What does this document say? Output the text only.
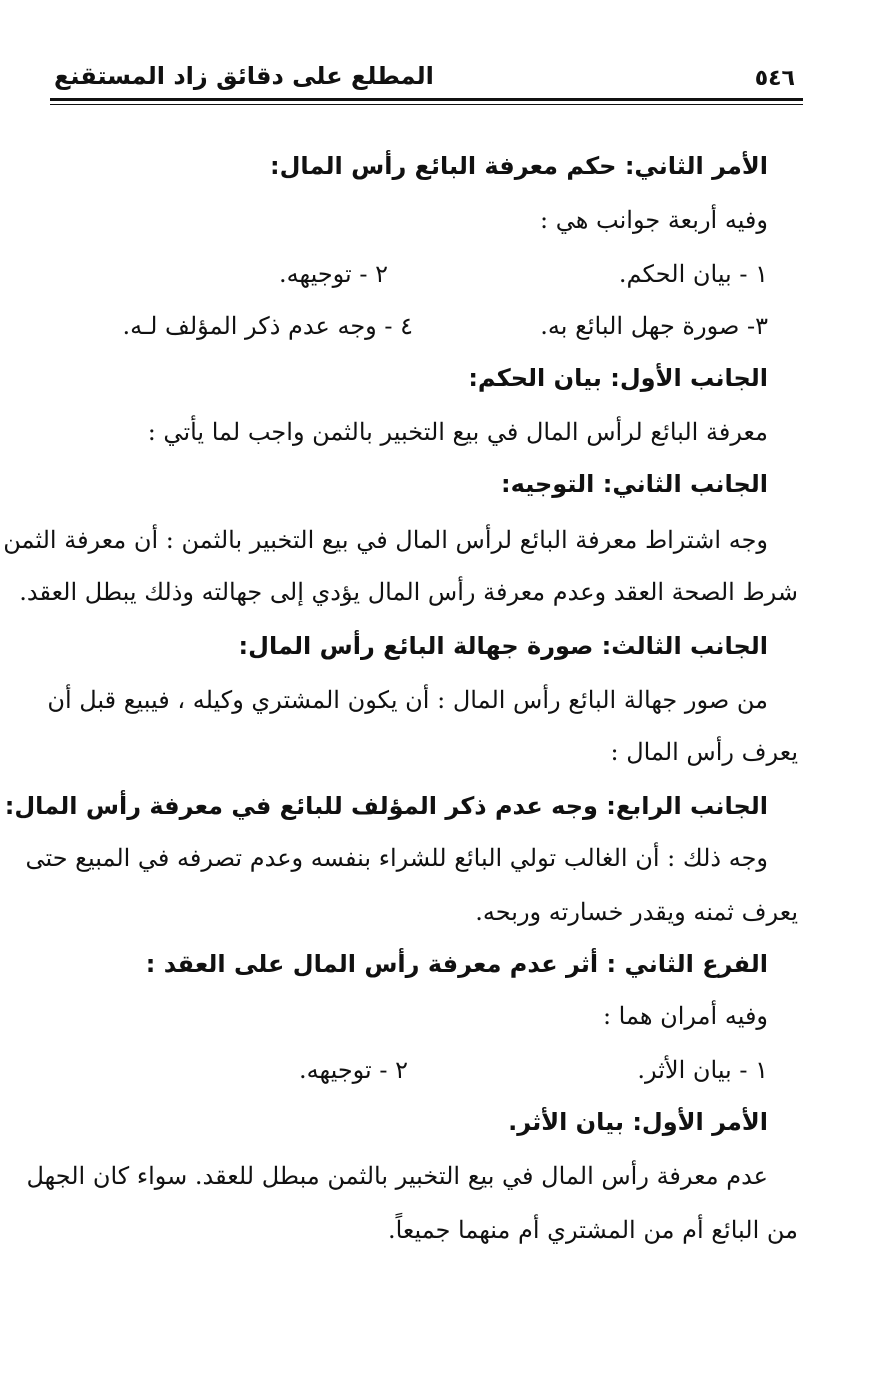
٥٤٦
المطلع على دقائق زاد المستقنع
الأمر الثاني: حكم معرفة البائع رأس المال:
وفيه أربعة جوانب هي :
١ - بيان الحكم.
٢ - توجيهه.
٣- صورة جهل البائع به.
٤ - وجه عدم ذكر المؤلف لـه.
الجانب الأول: بيان الحكم:
معرفة البائع لرأس المال في بيع التخبير بالثمن واجب لما يأتي :
الجانب الثاني: التوجيه:
وجه اشتراط معرفة البائع لرأس المال في بيع التخبير بالثمن : أن معرفة الثمن
شرط الصحة العقد وعدم معرفة رأس المال يؤدي إلى جهالته وذلك يبطل العقد.
الجانب الثالث: صورة جهالة البائع رأس المال:
من صور جهالة البائع رأس المال : أن يكون المشتري وكيله ، فيبيع قبل أن
يعرف رأس المال :
الجانب الرابع: وجه عدم ذكر المؤلف للبائع في معرفة رأس المال:
وجه ذلك : أن الغالب تولي البائع للشراء بنفسه وعدم تصرفه في المبيع حتى
يعرف ثمنه ويقدر خسارته وربحه.
الفرع الثاني : أثر عدم معرفة رأس المال على العقد :
وفيه أمران هما :
١ - بيان الأثر.
٢ - توجيهه.
الأمر الأول: بيان الأثر.
عدم معرفة رأس المال في بيع التخبير بالثمن مبطل للعقد. سواء كان الجهل
من البائع أم من المشتري أم منهما جميعاً.
